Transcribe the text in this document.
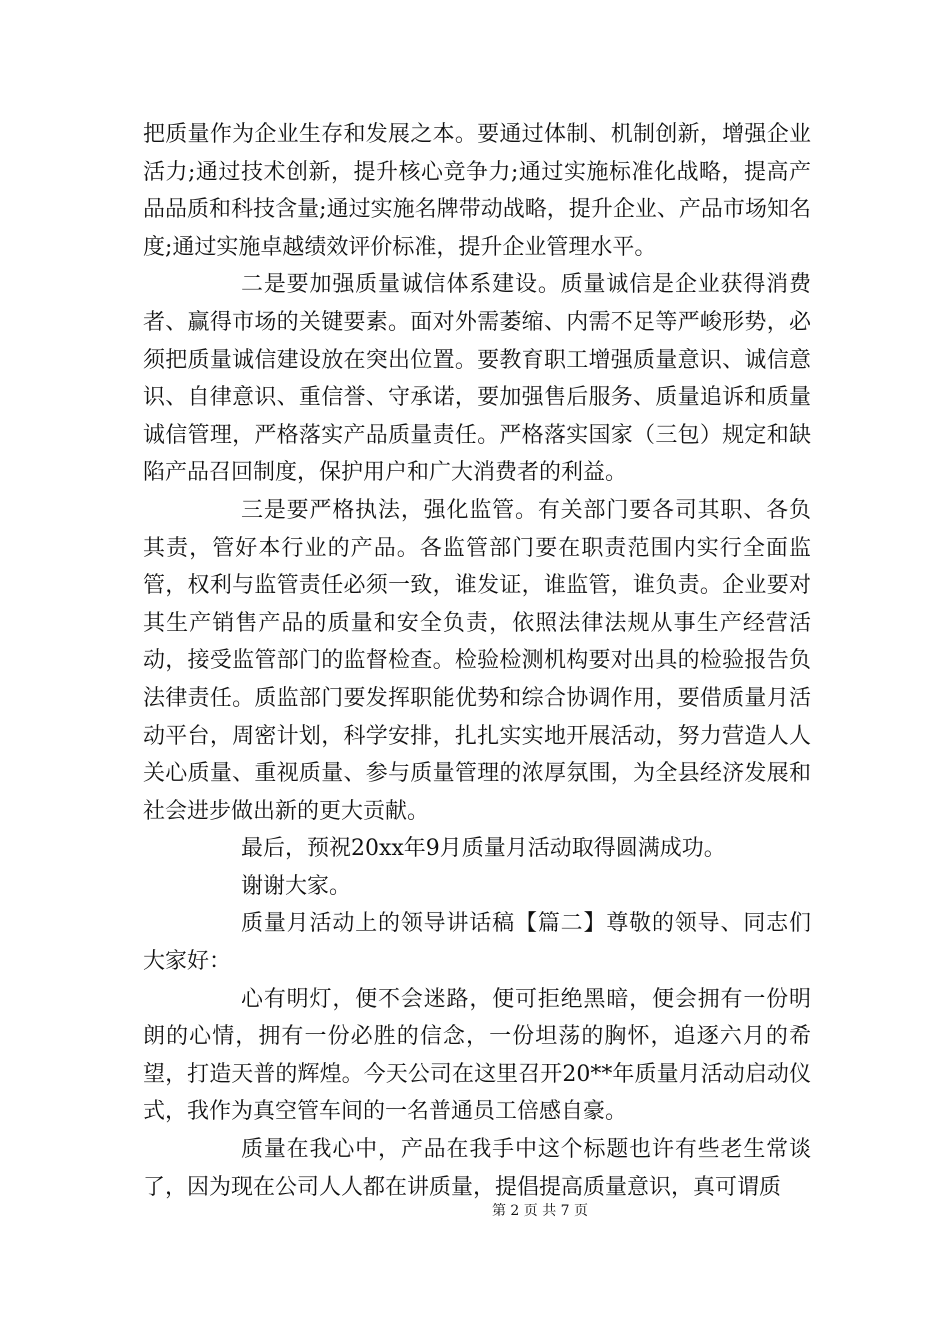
把质量作为企业生存和发展之本。要通过体制、机制创新，增强企业活力;通过技术创新，提升核心竞争力;通过实施标准化战略，提高产品品质和科技含量;通过实施名牌带动战略，提升企业、产品市场知名度;通过实施卓越绩效评价标准，提升企业管理水平。

二是要加强质量诚信体系建设。质量诚信是企业获得消费者、赢得市场的关键要素。面对外需萎缩、内需不足等严峻形势，必须把质量诚信建设放在突出位置。要教育职工增强质量意识、诚信意识、自律意识、重信誉、守承诺，要加强售后服务、质量追诉和质量诚信管理，严格落实产品质量责任。严格落实国家（三包）规定和缺陷产品召回制度，保护用户和广大消费者的利益。

三是要严格执法，强化监管。有关部门要各司其职、各负其责，管好本行业的产品。各监管部门要在职责范围内实行全面监管，权利与监管责任必须一致，谁发证，谁监管，谁负责。企业要对其生产销售产品的质量和安全负责，依照法律法规从事生产经营活动，接受监管部门的监督检查。检验检测机构要对出具的检验报告负法律责任。质监部门要发挥职能优势和综合协调作用，要借质量月活动平台，周密计划，科学安排，扎扎实实地开展活动，努力营造人人关心质量、重视质量、参与质量管理的浓厚氛围，为全县经济发展和社会进步做出新的更大贡献。

最后，预祝20xx年9月质量月活动取得圆满成功。

谢谢大家。

质量月活动上的领导讲话稿【篇二】尊敬的领导、同志们大家好：

心有明灯，便不会迷路，便可拒绝黑暗，便会拥有一份明朗的心情，拥有一份必胜的信念，一份坦荡的胸怀，追逐六月的希望，打造天普的辉煌。今天公司在这里召开20**年质量月活动启动仪式，我作为真空管车间的一名普通员工倍感自豪。

质量在我心中，产品在我手中这个标题也许有些老生常谈了，因为现在公司人人都在讲质量，提倡提高质量意识，真可谓质

第 2 页 共 7 页
